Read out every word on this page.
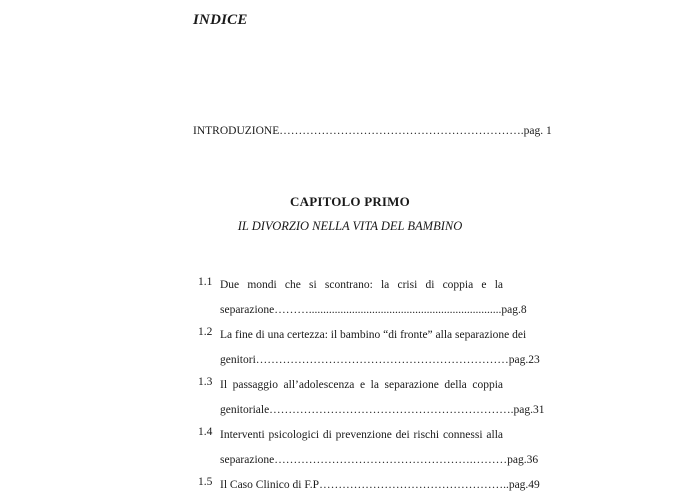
INDICE
INTRODUZIONE……………………………………………………….pag. 1
CAPITOLO PRIMO
IL DIVORZIO NELLA VITA DEL BAMBINO
1.1 Due mondi che si scontrano: la crisi di coppia e la
separazione………...................................................................pag.8
1.2 La fine di una certezza: il bambino “di fronte” alla separazione dei
genitori…………………………………………………………pag.23
1.3 Il passaggio all’adolescenza e la separazione della coppia
genitoriale……………………………………………………….pag.31
1.4 Interventi psicologici di prevenzione dei rischi connessi alla
separazione…………………………………………….………pag.36
1.5 Il Caso Clinico di F.P…………………………………………..pag.49
